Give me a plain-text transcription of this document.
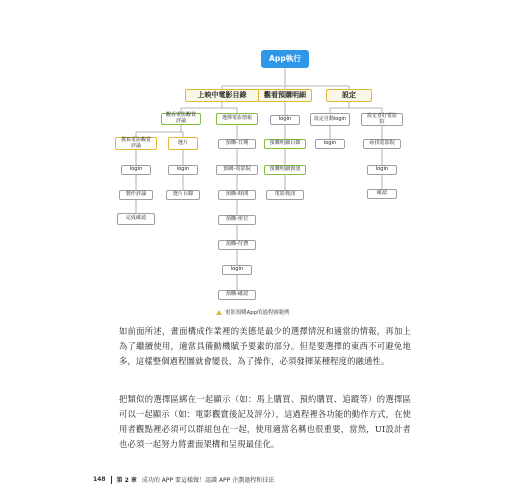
App執行
上映中電影目錄	觀看預購明細	設定
觀看電影觀賞
評論	選擇電影情報
撰寫電影觀賞
評論
login
製作評論
完成確認
選片
login
選片目錄
預購-日期
預購-電影院
預購-時間
預購-座位
預購-付費
login
預購-確認
login
預購明細目錄
預購明細資訊
電影資訊
設定自動login
login
設定喜好電影
院
尋找電影院
login
確認
電影預購App的過程圖範例
如前面所述，畫面構成作業裡的美德是最少的選擇情況和適當的情報，再加上為了繼續使用，適當具備動機賦予要素的部分。但是要選擇的東西不可避免地多，這樣整個過程圖就會變長，為了操作，必須發揮某種程度的融通性。
把類似的選擇區綁在一起顯示（如：馬上購買、預約購買、追蹤等）的選擇區可以一起顯示（如：電影觀賞後記及評分），這過程裡各功能的動作方式，在使用者觀點裡必須可以群組包在一起，使用適當名稱也很重要，當然，UI設計者也必須一起努力將畫面架構和呈現最佳化。
148 第 2 章 成功的 APP 要這樣做！認識 APP 企劃過程和技法
